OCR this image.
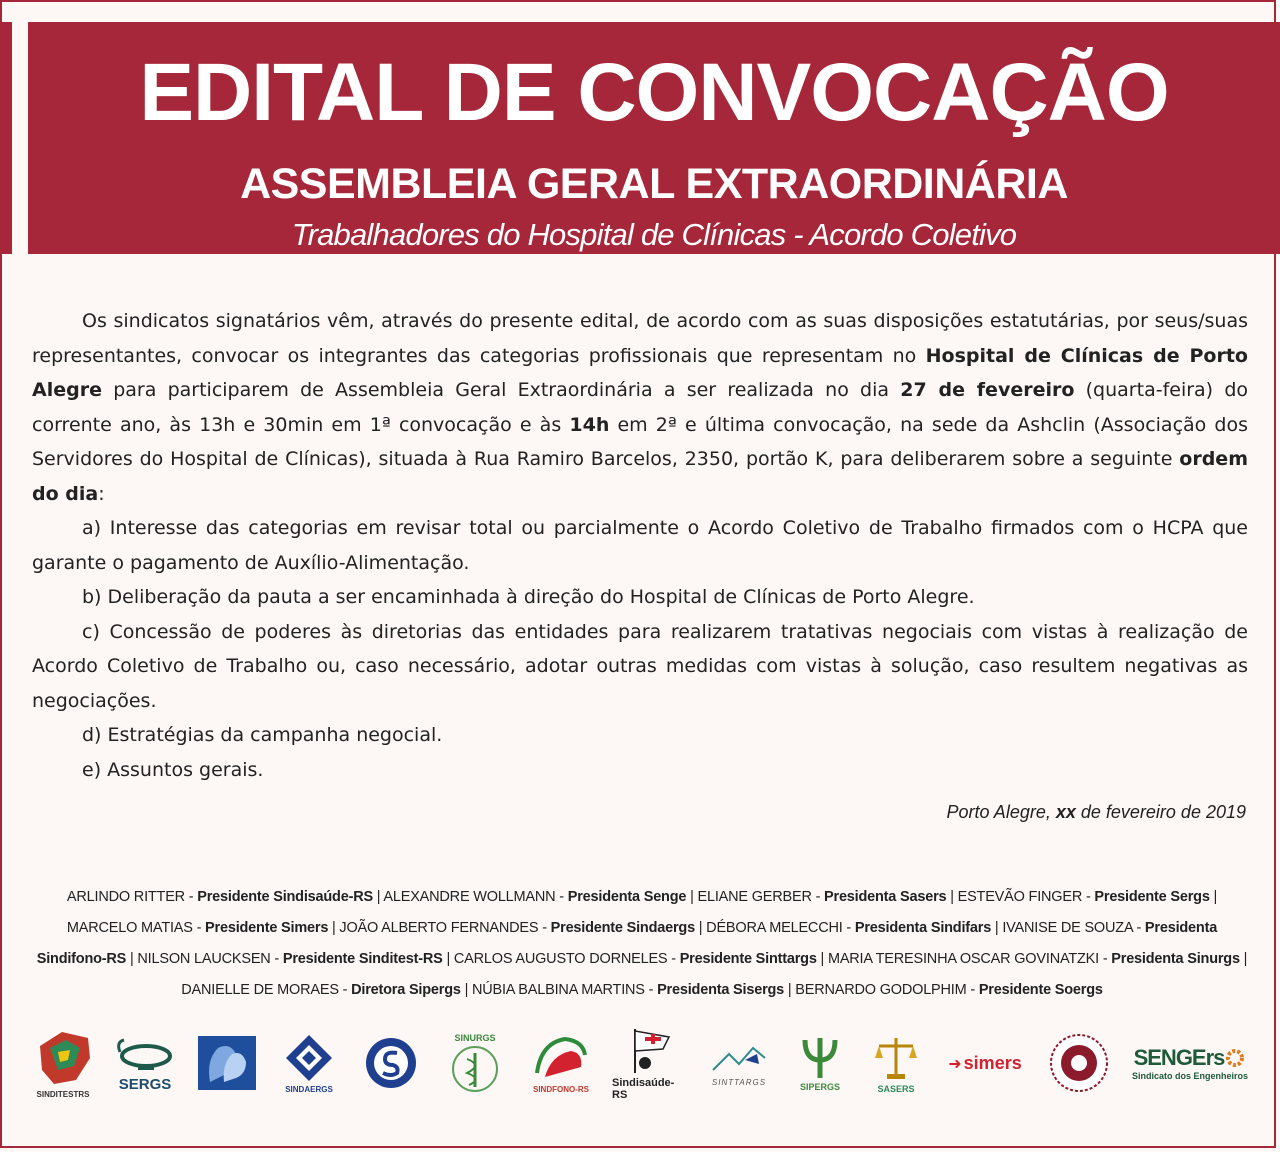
EDITAL DE CONVOCAÇÃO
ASSEMBLEIA GERAL EXTRAORDINÁRIA
Trabalhadores do Hospital de Clínicas - Acordo Coletivo

Os sindicatos signatários vêm, através do presente edital, de acordo com as suas disposições estatutárias, por seus/suas representantes, convocar os integrantes das categorias profissionais que representam no Hospital de Clínicas de Porto Alegre para participarem de Assembleia Geral Extraordinária a ser realizada no dia 27 de fevereiro (quarta-feira) do corrente ano, às 13h e 30min em 1ª convocação e às 14h em 2ª e última convocação, na sede da Ashclin (Associação dos Servidores do Hospital de Clínicas), situada à Rua Ramiro Barcelos, 2350, portão K, para deliberarem sobre a seguinte ordem do dia:

a) Interesse das categorias em revisar total ou parcialmente o Acordo Coletivo de Trabalho firmados com o HCPA que garante o pagamento de Auxílio-Alimentação.

b) Deliberação da pauta a ser encaminhada à direção do Hospital de Clínicas de Porto Alegre.

c) Concessão de poderes às diretorias das entidades para realizarem tratativas negociais com vistas à realização de Acordo Coletivo de Trabalho ou, caso necessário, adotar outras medidas com vistas à solução, caso resultem negativas as negociações.

d) Estratégias da campanha negocial.

e) Assuntos gerais.

Porto Alegre, xx de fevereiro de 2019
ARLINDO RITTER - Presidente Sindisaúde-RS | ALEXANDRE WOLLMANN - Presidenta Senge | ELIANE GERBER - Presidenta Sasers | ESTEVÃO FINGER - Presidente Sergs | MARCELO MATIAS - Presidente Simers | JOÃO ALBERTO FERNANDES - Presidente Sindaergs | DÉBORA MELECCHI - Presidenta Sindifars | IVANISE DE SOUZA - Presidenta Sindifono-RS | NILSON LAUCKSEN - Presidente Sinditest-RS | CARLOS AUGUSTO DORNELES - Presidente Sinttargs | MARIA TERESINHA OSCAR GOVINATZKI - Presidenta Sinurgs | DANIELLE DE MORAES - Diretora Sipergs | NÚBIA BALBINA MARTINS - Presidenta Sisergs | BERNARDO GODOLPHIM - Presidente Soergs
SINDITESTRS
SERGS	SINDAERGS
SINURGS
SINDFONO-RS Sindisaúde-RS
SINTTARGS	SIPERGS	SASERS
➜ simers	SENGErs
Sindicato dos Engenheiros
